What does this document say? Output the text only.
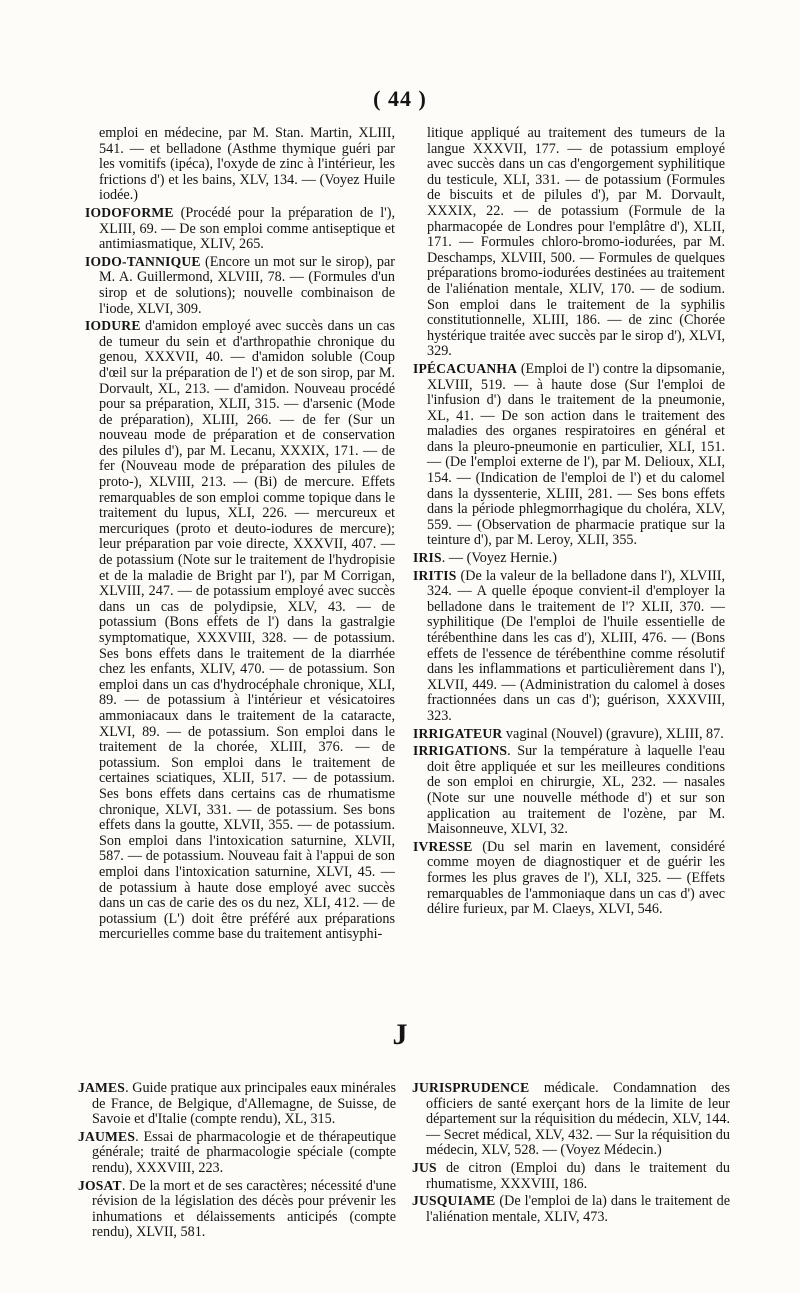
( 44 )

emploi en médecine, par M. Stan. Martin, XLIII, 541. — et belladone (Asthme thymique guéri par les vomitifs (ipéca), l'oxyde de zinc à l'intérieur, les frictions d') et les bains, XLV, 134. — (Voyez Huile iodée.)

IODOFORME (Procédé pour la préparation de l'), XLIII, 69. — De son emploi comme antiseptique et antimiasmatique, XLIV, 265.

IODO-TANNIQUE (Encore un mot sur le sirop), par M. A. Guillermond, XLVIII, 78. — (Formules d'un sirop et de solutions); nouvelle combinaison de l'iode, XLVI, 309.

IODURE d'amidon employé avec succès dans un cas de tumeur du sein et d'arthropathie chronique du genou, XXXVII, 40. — d'amidon soluble (Coup d'œil sur la préparation de l') et de son sirop, par M. Dorvault, XL, 213. — d'amidon. Nouveau procédé pour sa préparation, XLII, 315. — d'arsenic (Mode de préparation), XLIII, 266. — de fer (Sur un nouveau mode de préparation et de conservation des pilules d'), par M. Lecanu, XXXIX, 171. — de fer (Nouveau mode de préparation des pilules de proto-), XLVIII, 213. — (Bi) de mercure. Effets remarquables de son emploi comme topique dans le traitement du lupus, XLI, 226. — mercureux et mercuriques (proto et deuto-iodures de mercure); leur préparation par voie directe, XXXVII, 407. — de potassium (Note sur le traitement de l'hydropisie et de la maladie de Bright par l'), par M Corrigan, XLVIII, 247. — de potassium employé avec succès dans un cas de polydipsie, XLV, 43. — de potassium (Bons effets de l') dans la gastralgie symptomatique, XXXVIII, 328. — de potassium. Ses bons effets dans le traitement de la diarrhée chez les enfants, XLIV, 470. — de potassium. Son emploi dans un cas d'hydrocéphale chronique, XLI, 89. — de potassium à l'intérieur et vésicatoires ammoniacaux dans le traitement de la cataracte, XLVI, 89. — de potassium. Son emploi dans le traitement de la chorée, XLIII, 376. — de potassium. Son emploi dans le traitement de certaines sciatiques, XLII, 517. — de potassium. Ses bons effets dans certains cas de rhumatisme chronique, XLVI, 331. — de potassium. Ses bons effets dans la goutte, XLVII, 355. — de potassium. Son emploi dans l'intoxication saturnine, XLVII, 587. — de potassium. Nouveau fait à l'appui de son emploi dans l'intoxication saturnine, XLVI, 45. — de potassium à haute dose employé avec succès dans un cas de carie des os du nez, XLI, 412. — de potassium (L') doit être préféré aux préparations mercurielles comme base du traitement antisyphi-

litique appliqué au traitement des tumeurs de la langue XXXVII, 177. — de potassium employé avec succès dans un cas d'engorgement syphilitique du testicule, XLI, 331. — de potassium (Formules de biscuits et de pilules d'), par M. Dorvault, XXXIX, 22. — de potassium (Formule de la pharmacopée de Londres pour l'emplâtre d'), XLII, 171. — Formules chloro-bromo-iodurées, par M. Deschamps, XLVIII, 500. — Formules de quelques préparations bromo-iodurées destinées au traitement de l'aliénation mentale, XLIV, 170. — de sodium. Son emploi dans le traitement de la syphilis constitutionnelle, XLIII, 186. — de zinc (Chorée hystérique traitée avec succès par le sirop d'), XLVI, 329.

IPÉCACUANHA (Emploi de l') contre la dipsomanie, XLVIII, 519. — à haute dose (Sur l'emploi de l'infusion d') dans le traitement de la pneumonie, XL, 41. — De son action dans le traitement des maladies des organes respiratoires en général et dans la pleuro-pneumonie en particulier, XLI, 151. — (De l'emploi externe de l'), par M. Delioux, XLI, 154. — (Indication de l'emploi de l') et du calomel dans la dyssenterie, XLIII, 281. — Ses bons effets dans la période phlegmorrhagique du choléra, XLV, 559. — (Observation de pharmacie pratique sur la teinture d'), par M. Leroy, XLII, 355.

IRIS. — (Voyez Hernie.)

IRITIS (De la valeur de la belladone dans l'), XLVIII, 324. — A quelle époque convient-il d'employer la belladone dans le traitement de l'? XLII, 370. — syphilitique (De l'emploi de l'huile essentielle de térébenthine dans les cas d'), XLIII, 476. — (Bons effets de l'essence de térébenthine comme résolutif dans les inflammations et particulièrement dans l'), XLVII, 449. — (Administration du calomel à doses fractionnées dans un cas d'); guérison, XXXVIII, 323.

IRRIGATEUR vaginal (Nouvel) (gravure), XLIII, 87.

IRRIGATIONS. Sur la température à laquelle l'eau doit être appliquée et sur les meilleures conditions de son emploi en chirurgie, XL, 232. — nasales (Note sur une nouvelle méthode d') et sur son application au traitement de l'ozène, par M. Maisonneuve, XLVI, 32.

IVRESSE (Du sel marin en lavement, considéré comme moyen de diagnostiquer et de guérir les formes les plus graves de l'), XLI, 325. — (Effets remarquables de l'ammoniaque dans un cas d') avec délire furieux, par M. Claeys, XLVI, 546.

J

JAMES. Guide pratique aux principales eaux minérales de France, de Belgique, d'Allemagne, de Suisse, de Savoie et d'Italie (compte rendu), XL, 315.

JAUMES. Essai de pharmacologie et de thérapeutique générale; traité de pharmacologie spéciale (compte rendu), XXXVIII, 223.

JOSAT. De la mort et de ses caractères; nécessité d'une révision de la législation des décès pour prévenir les inhumations et délaissements anticipés (compte rendu), XLVII, 581.

JURISPRUDENCE médicale. Condamnation des officiers de santé exerçant hors de la limite de leur département sur la réquisition du médecin, XLV, 144. — Secret médical, XLV, 432. — Sur la réquisition du médecin, XLV, 528. — (Voyez Médecin.)

JUS de citron (Emploi du) dans le traitement du rhumatisme, XXXVIII, 186.

JUSQUIAME (De l'emploi de la) dans le traitement de l'aliénation mentale, XLIV, 473.
